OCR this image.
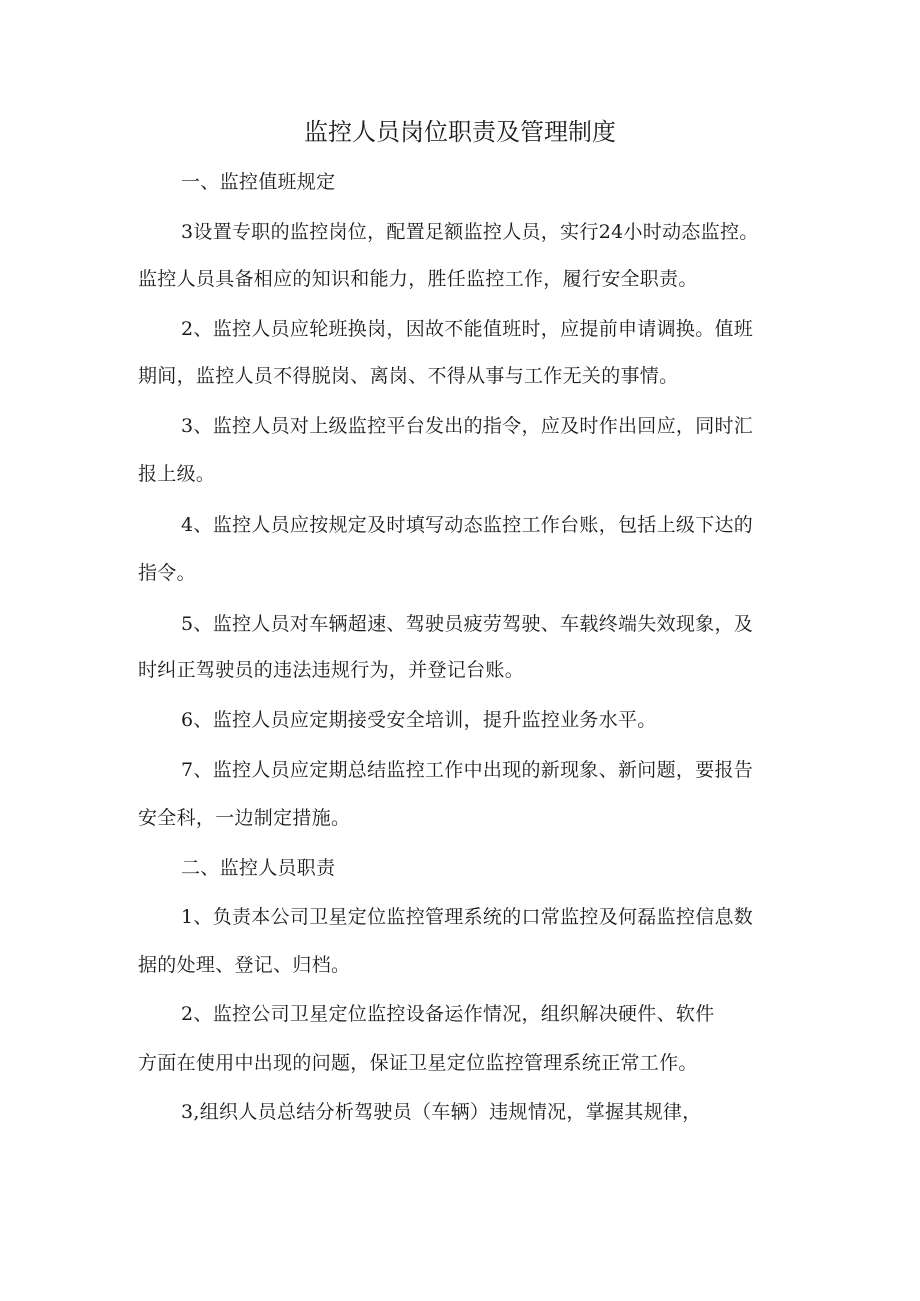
监控人员岗位职责及管理制度
一、监控值班规定
3设置专职的监控岗位，配置足额监控人员，实行24小时动态监控。
监控人员具备相应的知识和能力，胜任监控工作，履行安全职责。
2、监控人员应轮班换岗，因故不能值班时，应提前申请调换。值班
期间，监控人员不得脱岗、离岗、不得从事与工作无关的事情。
3、监控人员对上级监控平台发出的指令，应及时作出回应，同时汇
报上级。
4、监控人员应按规定及时填写动态监控工作台账，包括上级下达的
指令。
5、监控人员对车辆超速、驾驶员疲劳驾驶、车载终端失效现象，及
时纠正驾驶员的违法违规行为，并登记台账。
6、监控人员应定期接受安全培训，提升监控业务水平。
7、监控人员应定期总结监控工作中出现的新现象、新问题，要报告
安全科，一边制定措施。
二、监控人员职责
1、负责本公司卫星定位监控管理系统的口常监控及何磊监控信息数
据的处理、登记、归档。
2、监控公司卫星定位监控设备运作情况，组织解决硬件、软件
方面在使用中出现的问题，保证卫星定位监控管理系统正常工作。
3,组织人员总结分析驾驶员（车辆）违规情况，掌握其规律，
